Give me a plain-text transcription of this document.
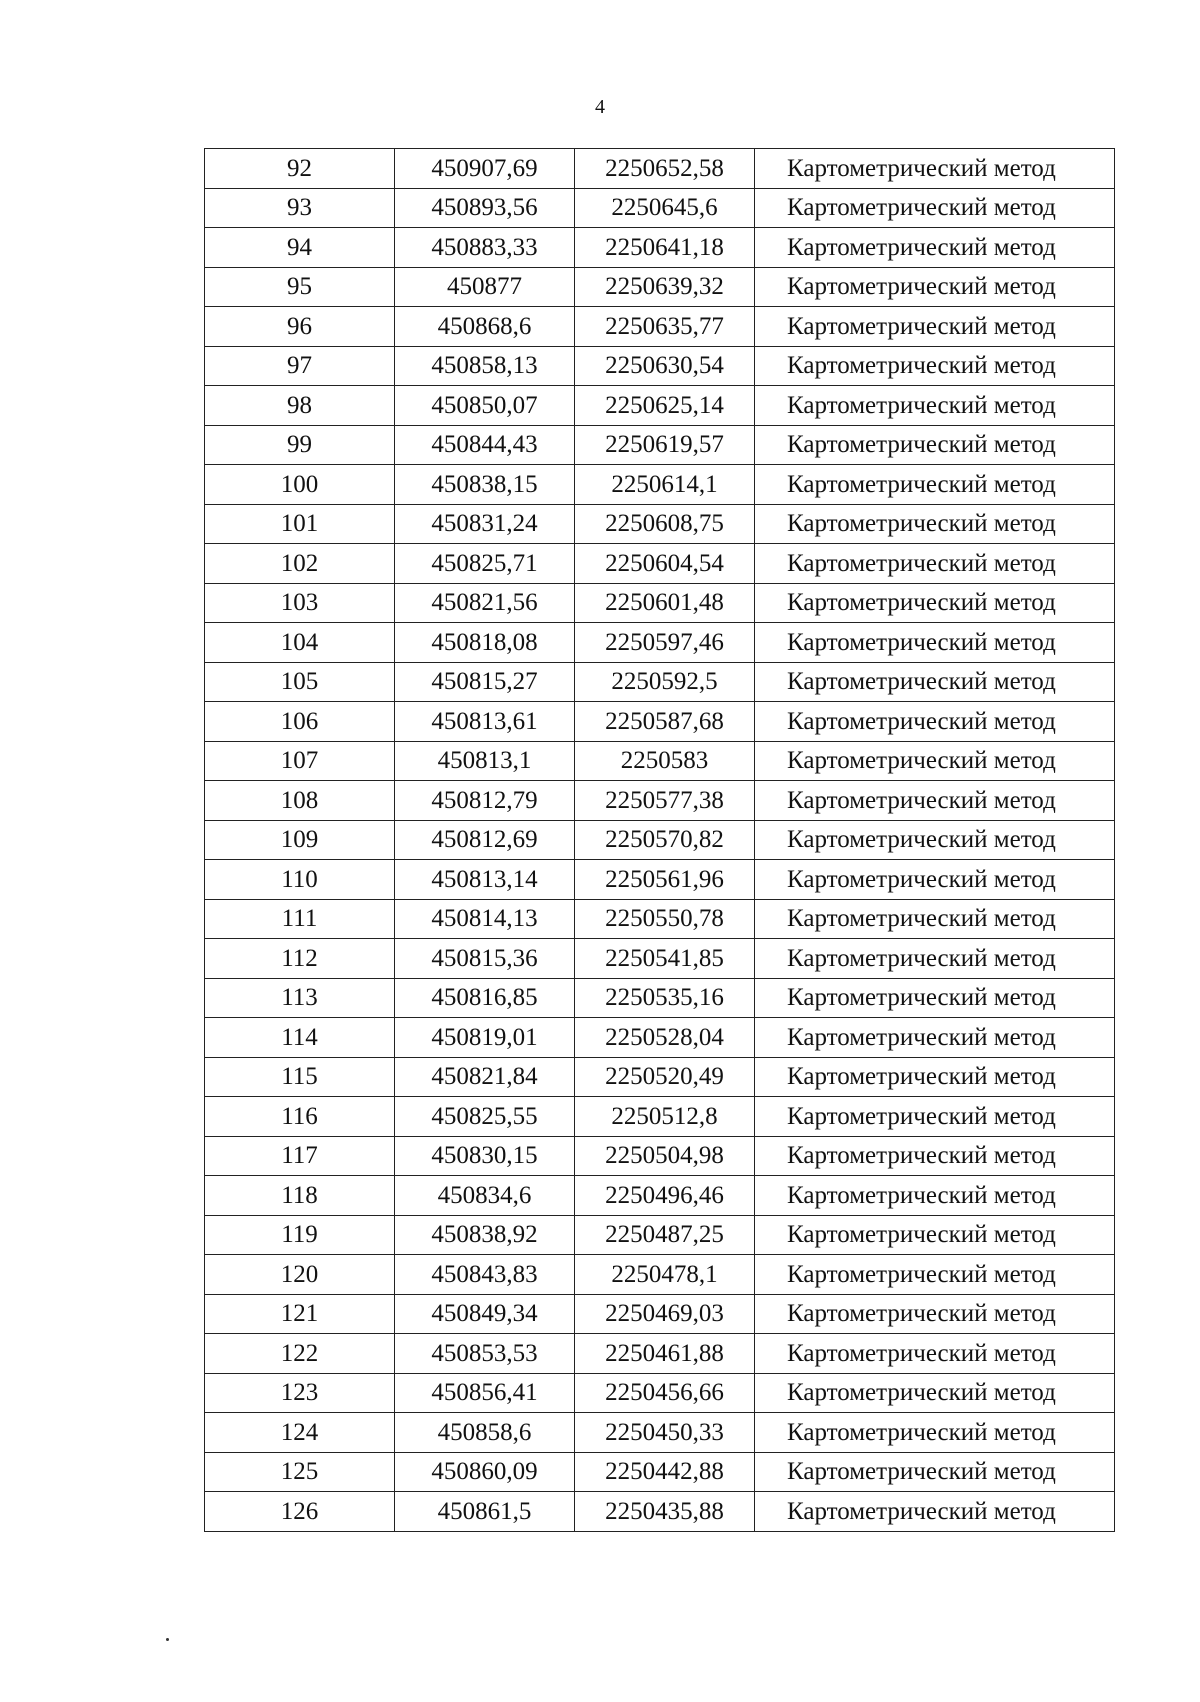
4
92	450907,69	2250652,58	Картометрический метод
93	450893,56	2250645,6	Картометрический метод
94	450883,33	2250641,18	Картометрический метод
95	450877	2250639,32	Картометрический метод
96	450868,6	2250635,77	Картометрический метод
97	450858,13	2250630,54	Картометрический метод
98	450850,07	2250625,14	Картометрический метод
99	450844,43	2250619,57	Картометрический метод
100	450838,15	2250614,1	Картометрический метод
101	450831,24	2250608,75	Картометрический метод
102	450825,71	2250604,54	Картометрический метод
103	450821,56	2250601,48	Картометрический метод
104	450818,08	2250597,46	Картометрический метод
105	450815,27	2250592,5	Картометрический метод
106	450813,61	2250587,68	Картометрический метод
107	450813,1	2250583	Картометрический метод
108	450812,79	2250577,38	Картометрический метод
109	450812,69	2250570,82	Картометрический метод
110	450813,14	2250561,96	Картометрический метод
111	450814,13	2250550,78	Картометрический метод
112	450815,36	2250541,85	Картометрический метод
113	450816,85	2250535,16	Картометрический метод
114	450819,01	2250528,04	Картометрический метод
115	450821,84	2250520,49	Картометрический метод
116	450825,55	2250512,8	Картометрический метод
117	450830,15	2250504,98	Картометрический метод
118	450834,6	2250496,46	Картометрический метод
119	450838,92	2250487,25	Картометрический метод
120	450843,83	2250478,1	Картометрический метод
121	450849,34	2250469,03	Картометрический метод
122	450853,53	2250461,88	Картометрический метод
123	450856,41	2250456,66	Картометрический метод
124	450858,6	2250450,33	Картометрический метод
125	450860,09	2250442,88	Картометрический метод
126	450861,5	2250435,88	Картометрический метод
